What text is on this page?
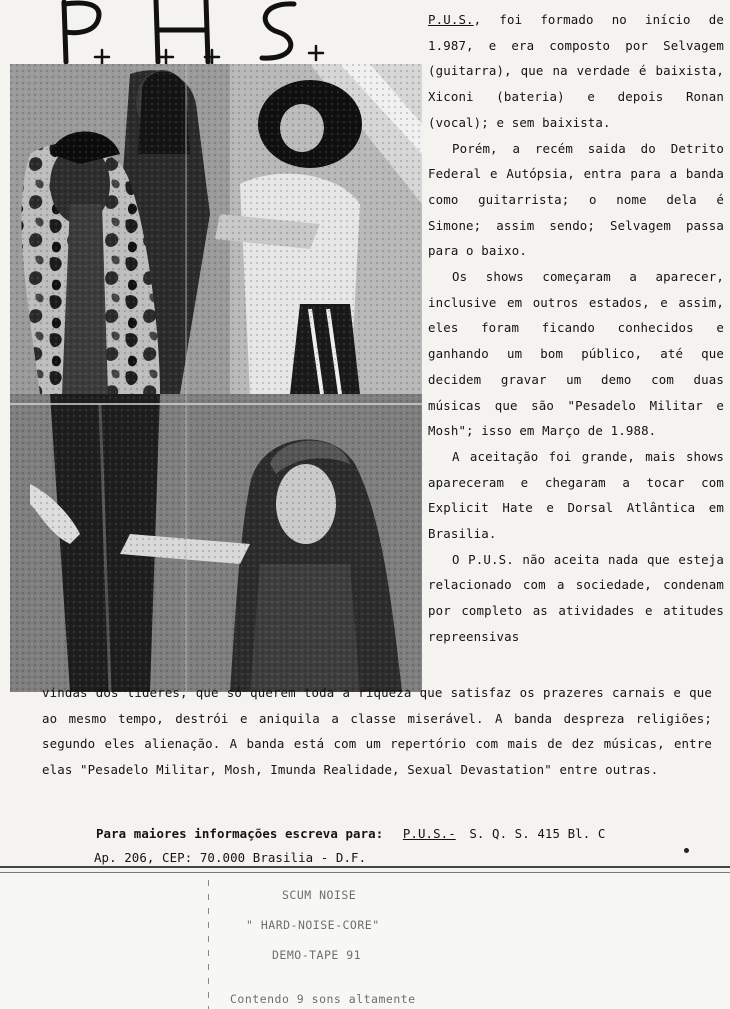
P.U.S., foi formado no início de 1.987, e era composto por Selvagem (guitarra), que na verdade é baixista, Xiconi (bateria) e depois Ronan (vocal); e sem baixista.

Porém, a recém saida do Detrito Federal e Autópsia, entra para a banda como guitarrista; o nome dela é Simone; assim sendo; Selvagem passa para o baixo.

Os shows começaram a aparecer, inclusive em outros estados, e assim, eles foram ficando conhecidos e ganhando um bom público, até que decidem gravar um demo com duas músicas que são "Pesadelo Militar e Mosh"; isso em Março de 1.988.

A aceitação foi grande, mais shows apareceram e chegaram a tocar com Explicit Hate e Dorsal Atlântica em Brasilia.

O P.U.S. não aceita nada que esteja relacionado com a sociedade, condenam por completo as atividades e atitudes repreensivas

vindas dos lideres, que só querem toda a riqueza que satisfaz os prazeres carnais e que ao mesmo tempo, destrói e aniquila a classe miserável. A banda despreza religiões; segundo eles alienação. A banda está com um repertório com mais de dez músicas, entre elas "Pesadelo Militar, Mosh, Imunda Realidade, Sexual Devastation" entre outras.

Para maiores informações escreva para: P.U.S.- S. Q. S. 415 Bl. C
Ap. 206, CEP: 70.000 Brasilia - D.F.
SCUM NOISE
" HARD-NOISE-CORE"
DEMO-TAPE 91
Contendo 9 sons altamente
